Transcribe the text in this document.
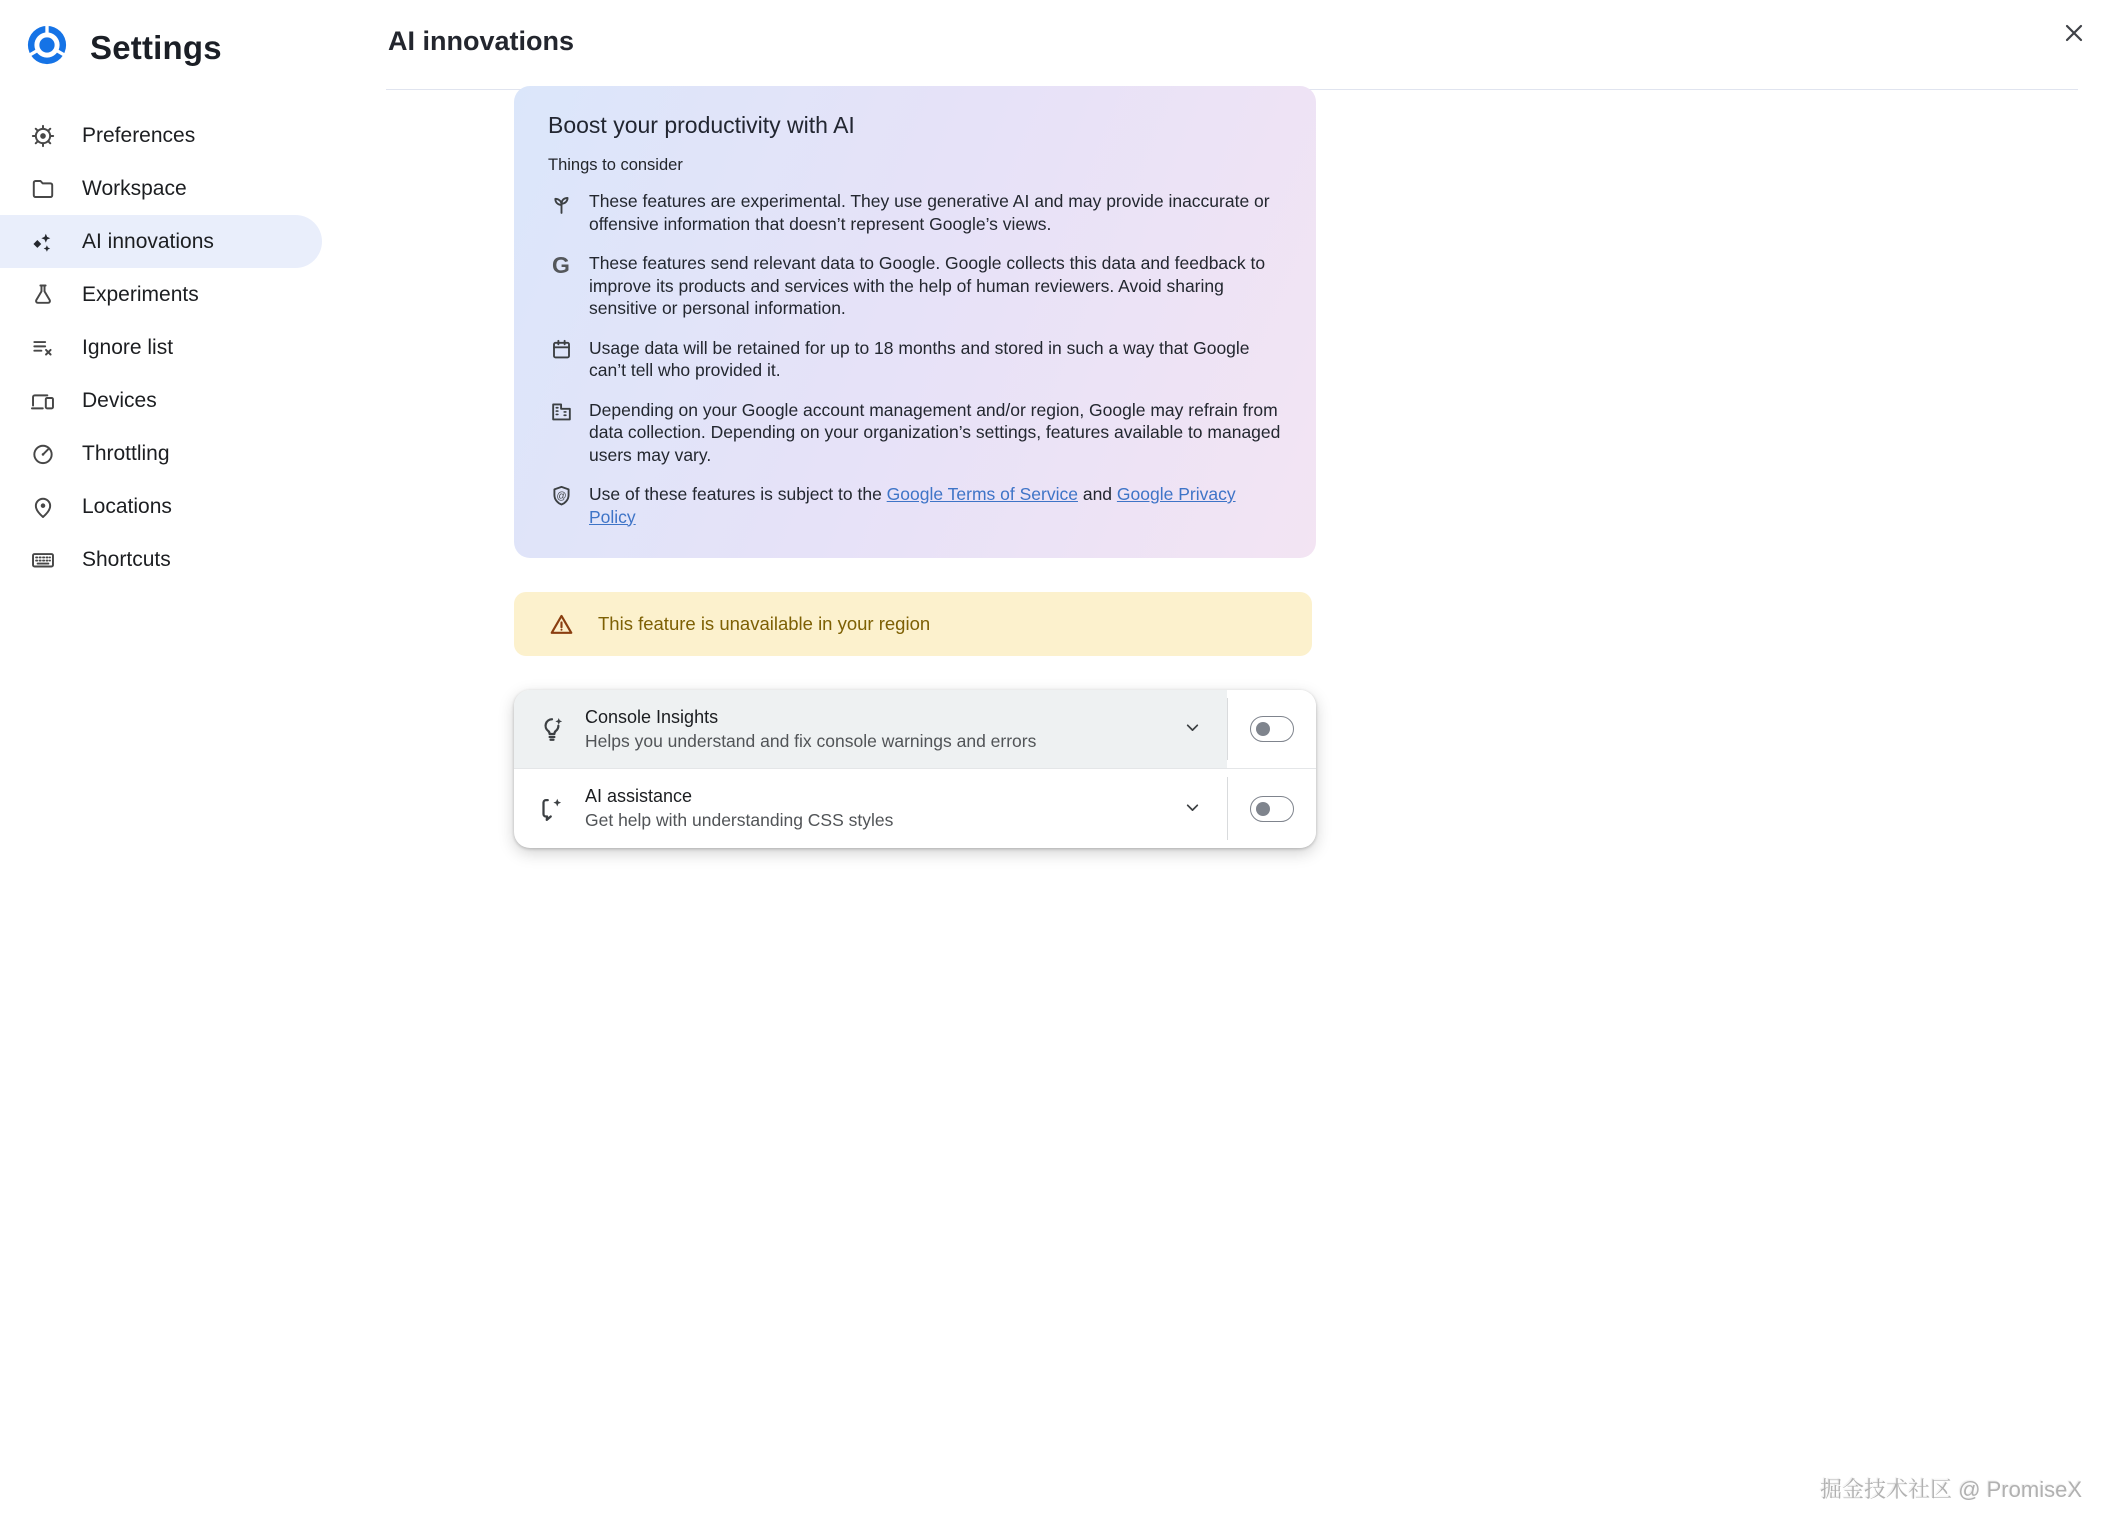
Settings
Preferences
Workspace
AI innovations
Experiments
Ignore list
Devices
Throttling
Locations
Shortcuts
AI innovations
Boost your productivity with AI
Things to consider
These features are experimental. They use generative AI and may provide inaccurate or offensive information that doesn’t represent Google’s views.
G These features send relevant data to Google. Google collects this data and feedback to improve its products and services with the help of human reviewers. Avoid sharing sensitive or personal information.
Usage data will be retained for up to 18 months and stored in such a way that Google can’t tell who provided it.
Depending on your Google account management and/or region, Google may refrain from data collection. Depending on your organization’s settings, features available to managed users may vary.
@ Use of these features is subject to the Google Terms of Service and Google Privacy Policy
This feature is unavailable in your region
Console Insights
Helps you understand and fix console warnings and errors
AI assistance
Get help with understanding CSS styles
掘金技术社区 @ PromiseX
